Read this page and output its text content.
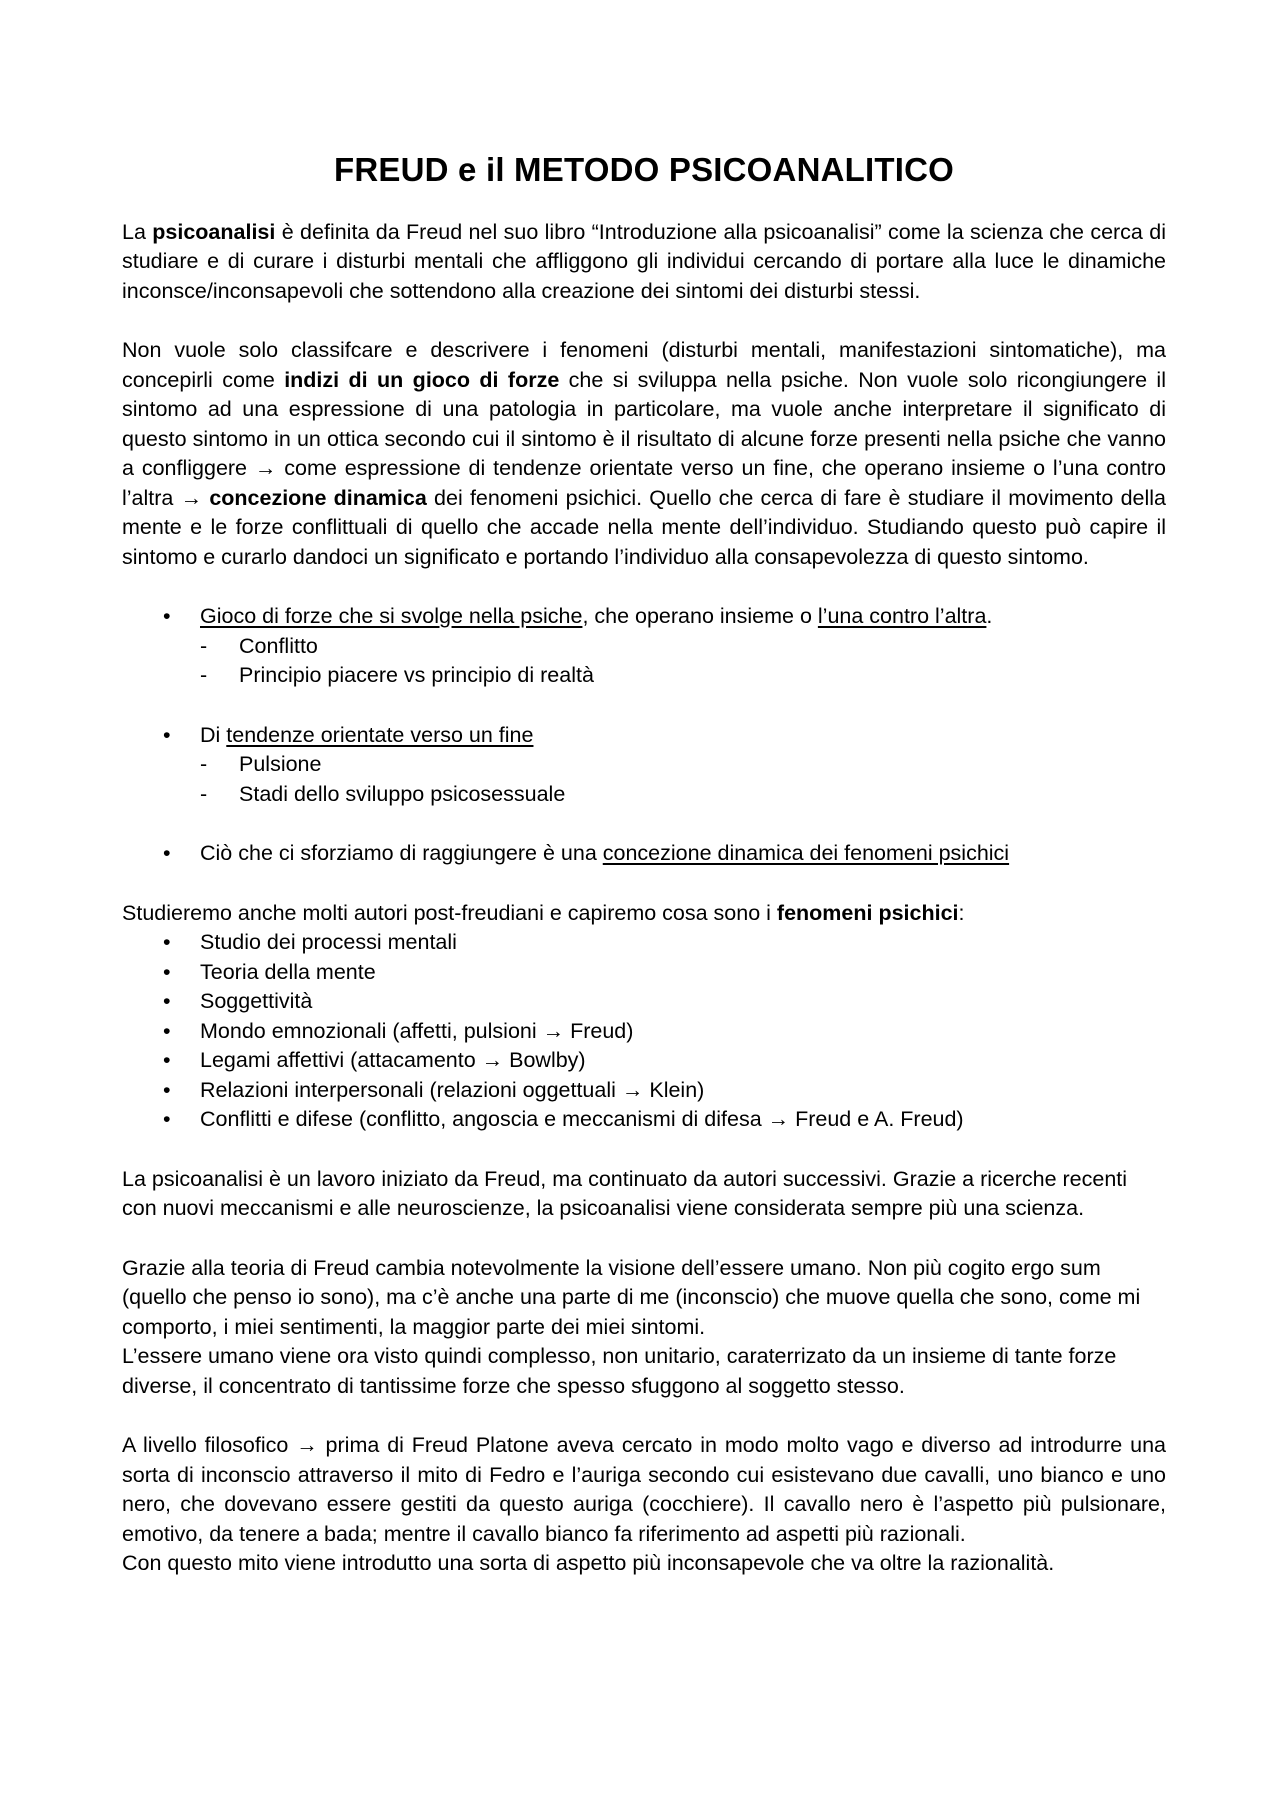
FREUD e il METODO PSICOANALITICO

La psicoanalisi è definita da Freud nel suo libro “Introduzione alla psicoanalisi” come la scienza che cerca di studiare e di curare i disturbi mentali che affliggono gli individui cercando di portare alla luce le dinamiche inconsce/inconsapevoli che sottendono alla creazione dei sintomi dei disturbi stessi.

Non vuole solo classifcare e descrivere i fenomeni (disturbi mentali, manifestazioni sintomatiche), ma concepirli come indizi di un gioco di forze che si sviluppa nella psiche. Non vuole solo ricongiungere il sintomo ad una espressione di una patologia in particolare, ma vuole anche interpretare il significato di questo sintomo in un ottica secondo cui il sintomo è il risultato di alcune forze presenti nella psiche che vanno a confliggere → come espressione di tendenze orientate verso un fine, che operano insieme o l’una contro l’altra → concezione dinamica dei fenomeni psichici. Quello che cerca di fare è studiare il movimento della mente e le forze conflittuali di quello che accade nella mente dell’individuo. Studiando questo può capire il sintomo e curarlo dandoci un significato e portando l’individuo alla consapevolezza di questo sintomo.

• Gioco di forze che si svolge nella psiche, che operano insieme o l’una contro l’altra.
- Conflitto
- Principio piacere vs principio di realtà
• Di tendenze orientate verso un fine
- Pulsione
- Stadi dello sviluppo psicosessuale
• Ciò che ci sforziamo di raggiungere è una concezione dinamica dei fenomeni psichici

Studieremo anche molti autori post-freudiani e capiremo cosa sono i fenomeni psichici:

• Studio dei processi mentali
• Teoria della mente
• Soggettività
• Mondo emnozionali (affetti, pulsioni → Freud)
• Legami affettivi (attacamento → Bowlby)
• Relazioni interpersonali (relazioni oggettuali → Klein)
• Conflitti e difese (conflitto, angoscia e meccanismi di difesa → Freud e A. Freud)

La psicoanalisi è un lavoro iniziato da Freud, ma continuato da autori successivi. Grazie a ricerche recenti con nuovi meccanismi e alle neuroscienze, la psicoanalisi viene considerata sempre più una scienza.

Grazie alla teoria di Freud cambia notevolmente la visione dell’essere umano. Non più cogito ergo sum (quello che penso io sono), ma c’è anche una parte di me (inconscio) che muove quella che sono, come mi comporto, i miei sentimenti, la maggior parte dei miei sintomi.

L’essere umano viene ora visto quindi complesso, non unitario, caraterrizato da un insieme di tante forze diverse, il concentrato di tantissime forze che spesso sfuggono al soggetto stesso.

A livello filosofico → prima di Freud Platone aveva cercato in modo molto vago e diverso ad introdurre una sorta di inconscio attraverso il mito di Fedro e l’auriga secondo cui esistevano due cavalli, uno bianco e uno nero, che dovevano essere gestiti da questo auriga (cocchiere). Il cavallo nero è l’aspetto più pulsionare, emotivo, da tenere a bada; mentre il cavallo bianco fa riferimento ad aspetti più razionali.

Con questo mito viene introdutto una sorta di aspetto più inconsapevole che va oltre la razionalità.
